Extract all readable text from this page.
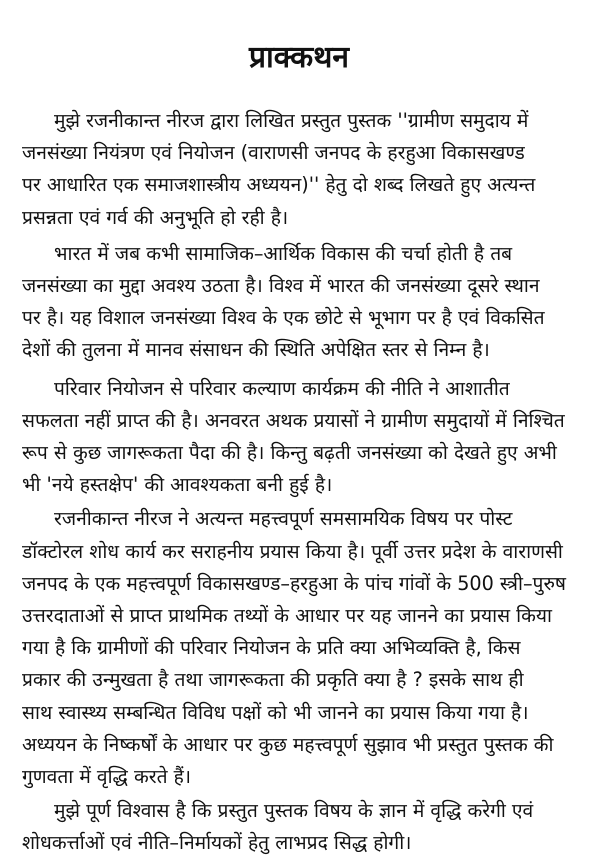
प्राक्कथन

मुझे रजनीकान्त नीरज द्वारा लिखित प्रस्तुत पुस्तक ''ग्रामीण समुदाय में
जनसंख्या नियंत्रण एवं नियोजन (वाराणसी जनपद के हरहुआ विकासखण्ड
पर आधारित एक समाजशास्त्रीय अध्ययन)'' हेतु दो शब्द लिखते हुए अत्यन्त
प्रसन्नता एवं गर्व की अनुभूति हो रही है।

भारत में जब कभी सामाजिक–आर्थिक विकास की चर्चा होती है तब
जनसंख्या का मुद्दा अवश्य उठता है। विश्व में भारत की जनसंख्या दूसरे स्थान
पर है। यह विशाल जनसंख्या विश्व के एक छोटे से भूभाग पर है एवं विकसित
देशों की तुलना में मानव संसाधन की स्थिति अपेक्षित स्तर से निम्न है।

परिवार नियोजन से परिवार कल्याण कार्यक्रम की नीति ने आशातीत
सफलता नहीं प्राप्त की है। अनवरत अथक प्रयासों ने ग्रामीण समुदायों में निश्चित
रूप से कुछ जागरूकता पैदा की है। किन्तु बढ़ती जनसंख्या को देखते हुए अभी
भी 'नये हस्तक्षेप' की आवश्यकता बनी हुई है।

रजनीकान्त नीरज ने अत्यन्त महत्त्वपूर्ण समसामयिक विषय पर पोस्ट
डॉक्टोरल शोध कार्य कर सराहनीय प्रयास किया है। पूर्वी उत्तर प्रदेश के वाराणसी
जनपद के एक महत्त्वपूर्ण विकासखण्ड–हरहुआ के पांच गांवों के 500 स्त्री–पुरुष
उत्तरदाताओं से प्राप्त प्राथमिक तथ्यों के आधार पर यह जानने का प्रयास किया
गया है कि ग्रामीणों की परिवार नियोजन के प्रति क्या अभिव्यक्ति है, किस
प्रकार की उन्मुखता है तथा जागरूकता की प्रकृति क्या है ? इसके साथ ही
साथ स्वास्थ्य सम्बन्धित विविध पक्षों को भी जानने का प्रयास किया गया है।
अध्ययन के निष्कर्षों के आधार पर कुछ महत्त्वपूर्ण सुझाव भी प्रस्तुत पुस्तक की
गुणवता में वृद्धि करते हैं।

मुझे पूर्ण विश्वास है कि प्रस्तुत पुस्तक विषय के ज्ञान में वृद्धि करेगी एवं
शोधकर्त्ताओं एवं नीति–निर्मायकों हेतु लाभप्रद सिद्ध होगी।
